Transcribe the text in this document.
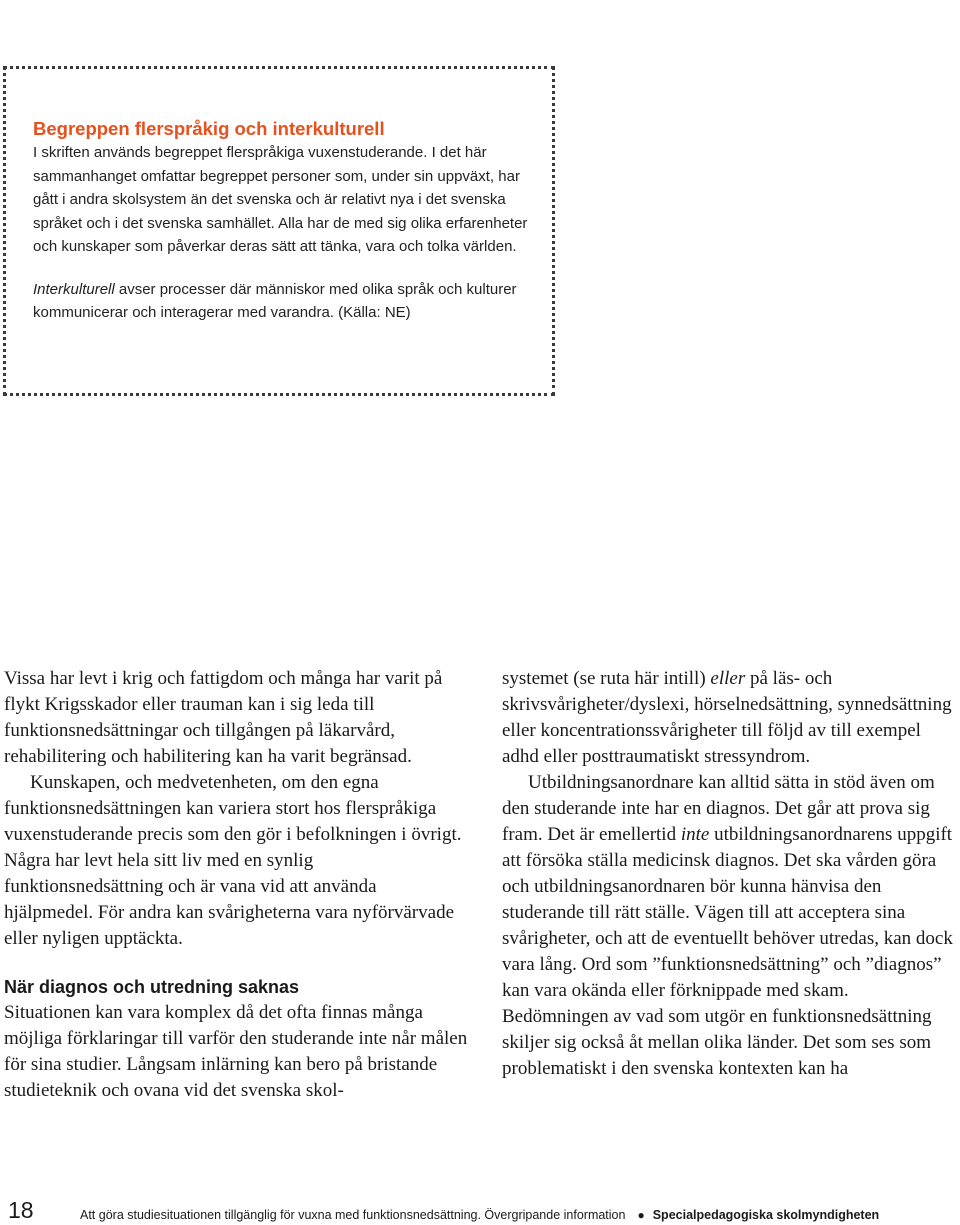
Begreppen flerspråkig och interkulturell

I skriften används begreppet flerspråkiga vuxenstuderande. I det här sammanhanget omfattar begreppet personer som, under sin uppväxt, har gått i andra skolsystem än det svenska och är relativt nya i det svenska språket och i det svenska samhället. Alla har de med sig olika erfarenheter och kunskaper som påverkar deras sätt att tänka, vara och tolka världen.

Interkulturell avser processer där människor med olika språk och kulturer kommunicerar och interagerar med varandra. (Källa: NE)

Vissa har levt i krig och fattigdom och många har varit på flykt Krigsskador eller trauman kan i sig leda till funktionsnedsättningar och tillgången på läkarvård, rehabilitering och habilitering kan ha varit begränsad.

Kunskapen, och medvetenheten, om den egna funktionsnedsättningen kan variera stort hos flerspråkiga vuxenstuderande precis som den gör i befolkningen i övrigt. Några har levt hela sitt liv med en synlig funktionsnedsättning och är vana vid att använda hjälpmedel. För andra kan svårigheterna vara nyförvärvade eller nyligen upptäckta.

När diagnos och utredning saknas

Situationen kan vara komplex då det ofta finnas många möjliga förklaringar till varför den studerande inte når målen för sina studier. Långsam inlärning kan bero på bristande studieteknik och ovana vid det svenska skol-

systemet (se ruta här intill) eller på läs- och skrivsvårigheter/dyslexi, hörselnedsättning, synnedsättning eller koncentrationssvårigheter till följd av till exempel adhd eller posttraumatiskt stressyndrom.

Utbildningsanordnare kan alltid sätta in stöd även om den studerande inte har en diagnos. Det går att prova sig fram. Det är emellertid inte utbildningsanordnarens uppgift att försöka ställa medicinsk diagnos. Det ska vården göra och utbildningsanordnaren bör kunna hänvisa den studerande till rätt ställe. Vägen till att acceptera sina svårigheter, och att de eventuellt behöver utredas, kan dock vara lång. Ord som ”funktionsnedsättning” och ”diagnos” kan vara okända eller förknippade med skam. Bedömningen av vad som utgör en funktionsnedsättning skiljer sig också åt mellan olika länder. Det som ses som problematiskt i den svenska kontexten kan ha

18	Att göra studiesituationen tillgänglig för vuxna med funktionsnedsättning. Övergripande information ● Specialpedagogiska skolmyndigheten
